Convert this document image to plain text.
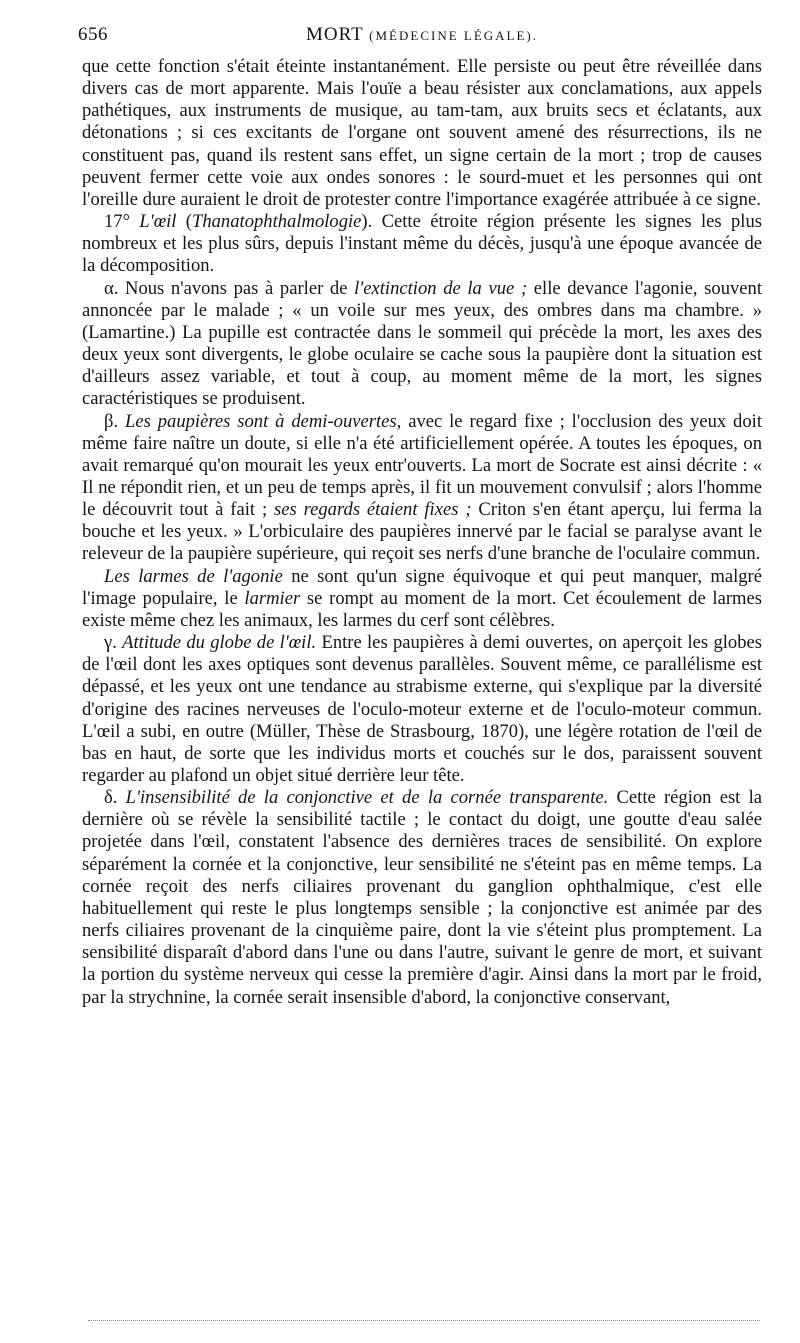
656	MORT (MÉDECINE LÉGALE).

que cette fonction s'était éteinte instantanément. Elle persiste ou peut être réveillée dans divers cas de mort apparente. Mais l'ouïe a beau résister aux conclamations, aux appels pathétiques, aux instruments de musique, au tam-tam, aux bruits secs et éclatants, aux détonations ; si ces excitants de l'organe ont souvent amené des résurrections, ils ne constituent pas, quand ils restent sans effet, un signe certain de la mort ; trop de causes peuvent fermer cette voie aux ondes sonores : le sourd-muet et les personnes qui ont l'oreille dure auraient le droit de protester contre l'importance exagérée attribuée à ce signe.

17° L'œil (Thanatophthalmologie). Cette étroite région présente les signes les plus nombreux et les plus sûrs, depuis l'instant même du décès, jusqu'à une époque avancée de la décomposition.

α. Nous n'avons pas à parler de l'extinction de la vue ; elle devance l'agonie, souvent annoncée par le malade ; « un voile sur mes yeux, des ombres dans ma chambre. » (Lamartine.) La pupille est contractée dans le sommeil qui précède la mort, les axes des deux yeux sont divergents, le globe oculaire se cache sous la paupière dont la situation est d'ailleurs assez variable, et tout à coup, au moment même de la mort, les signes caractéristiques se produisent.

β. Les paupières sont à demi-ouvertes, avec le regard fixe ; l'occlusion des yeux doit même faire naître un doute, si elle n'a été artificiellement opérée. A toutes les époques, on avait remarqué qu'on mourait les yeux entr'ouverts. La mort de Socrate est ainsi décrite : « Il ne répondit rien, et un peu de temps après, il fit un mouvement convulsif ; alors l'homme le découvrit tout à fait ; ses regards étaient fixes ; Criton s'en étant aperçu, lui ferma la bouche et les yeux. » L'orbiculaire des paupières innervé par le facial se paralyse avant le releveur de la paupière supérieure, qui reçoit ses nerfs d'une branche de l'oculaire commun.

Les larmes de l'agonie ne sont qu'un signe équivoque et qui peut manquer, malgré l'image populaire, le larmier se rompt au moment de la mort. Cet écoulement de larmes existe même chez les animaux, les larmes du cerf sont célèbres.

γ. Attitude du globe de l'œil. Entre les paupières à demi ouvertes, on aperçoit les globes de l'œil dont les axes optiques sont devenus parallèles. Souvent même, ce parallélisme est dépassé, et les yeux ont une tendance au strabisme externe, qui s'explique par la diversité d'origine des racines nerveuses de l'oculo-moteur externe et de l'oculo-moteur commun. L'œil a subi, en outre (Müller, Thèse de Strasbourg, 1870), une légère rotation de l'œil de bas en haut, de sorte que les individus morts et couchés sur le dos, paraissent souvent regarder au plafond un objet situé derrière leur tête.

δ. L'insensibilité de la conjonctive et de la cornée transparente. Cette région est la dernière où se révèle la sensibilité tactile ; le contact du doigt, une goutte d'eau salée projetée dans l'œil, constatent l'absence des dernières traces de sensibilité. On explore séparément la cornée et la conjonctive, leur sensibilité ne s'éteint pas en même temps. La cornée reçoit des nerfs ciliaires provenant du ganglion ophthalmique, c'est elle habituellement qui reste le plus longtemps sensible ; la conjonctive est animée par des nerfs ciliaires provenant de la cinquième paire, dont la vie s'éteint plus promptement. La sensibilité disparaît d'abord dans l'une ou dans l'autre, suivant le genre de mort, et suivant la portion du système nerveux qui cesse la première d'agir. Ainsi dans la mort par le froid, par la strychnine, la cornée serait insensible d'abord, la conjonctive conservant,
